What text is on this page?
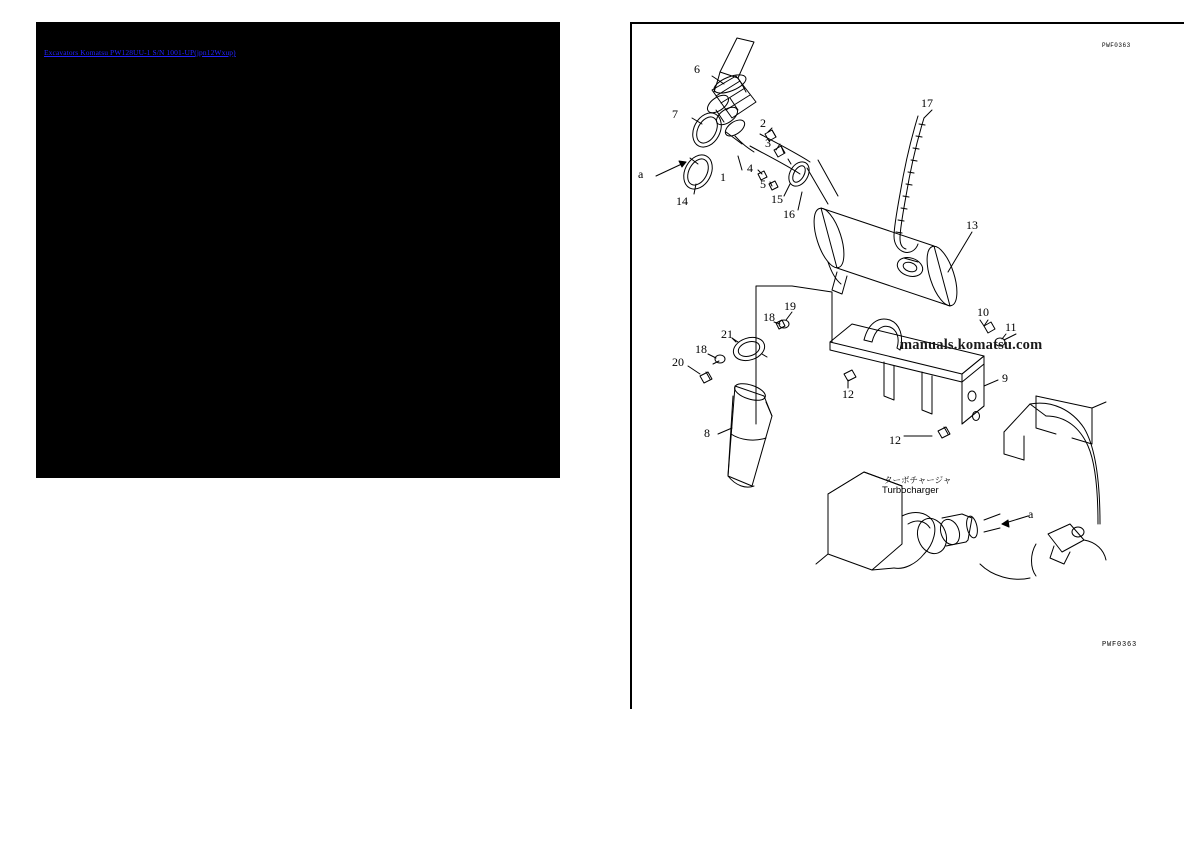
Excavators Komatsu PW128UU-1 S/N 1001-UP(jpn12Wxup)
manuals.komatsu.com
ターボチャージャ
Turbocharger
a
a
PWF0363
PWF0363
6
7
2
3
4
1	5
14	15
16
17
13
10
11
9
19
18
21
18
20
12
12
8
